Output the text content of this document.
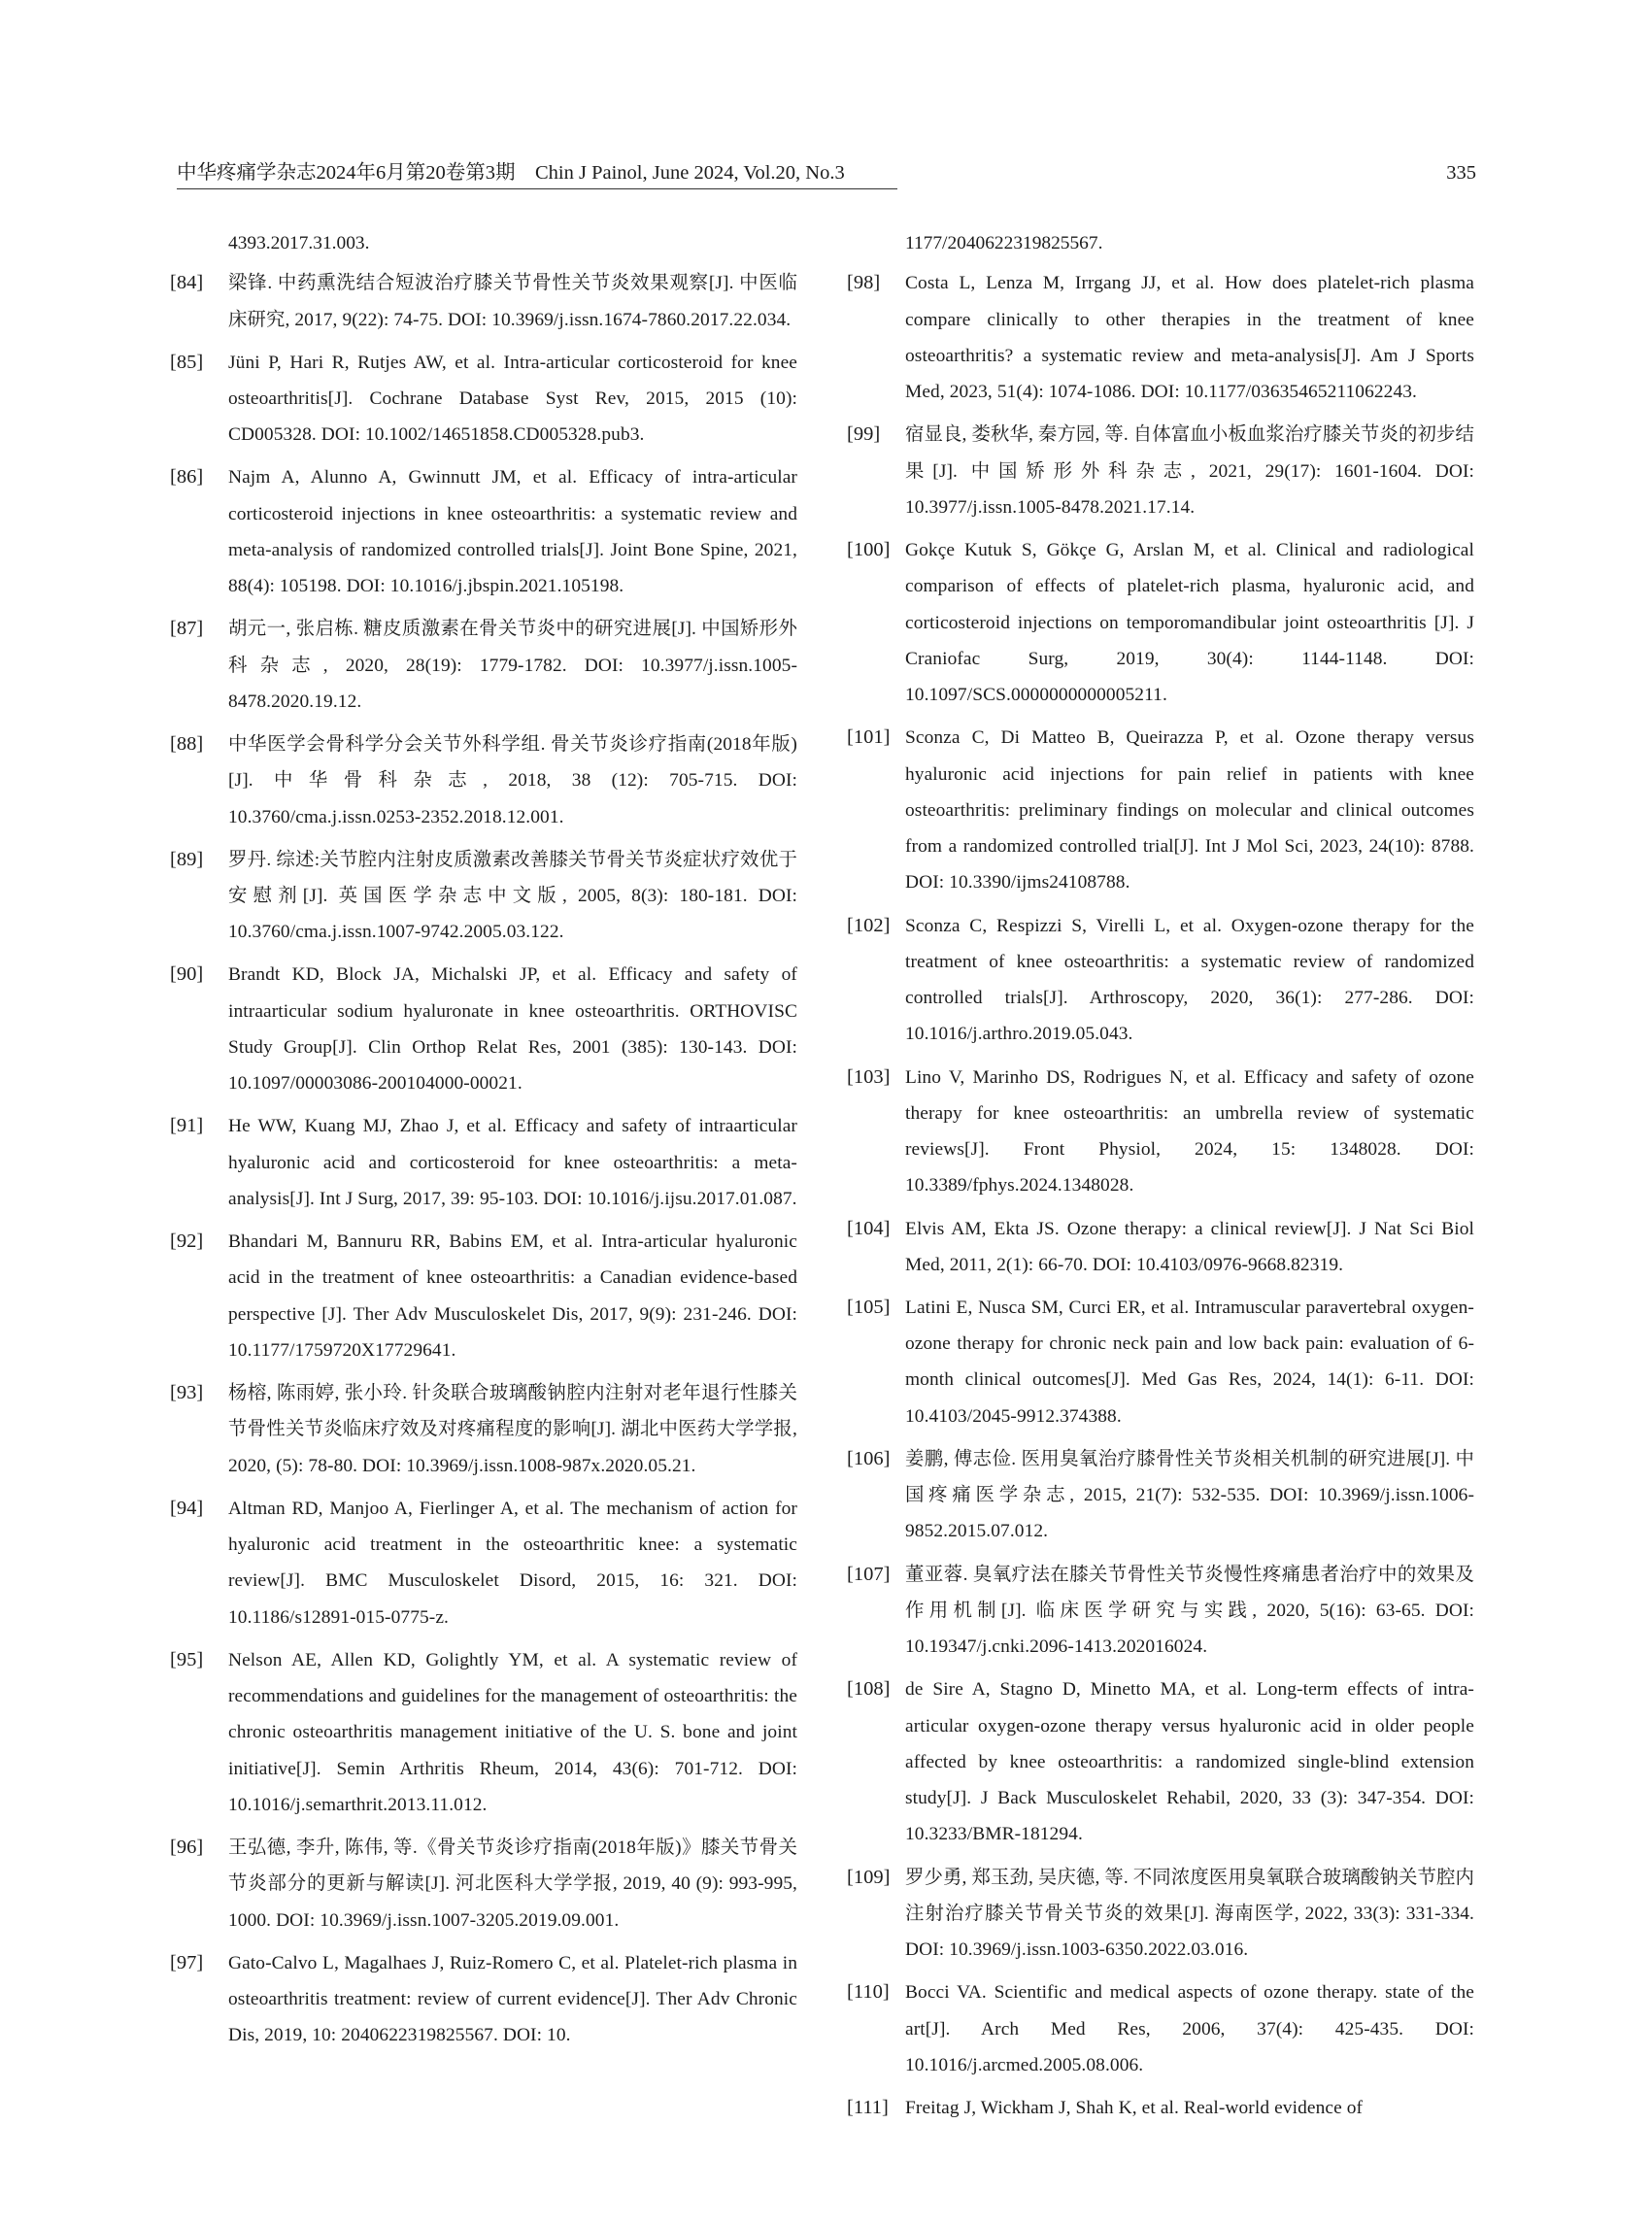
中华疼痛学杂志2024年6月第20卷第3期　Chin J Painol, June 2024, Vol.20, No.3	335
4393.2017.31.003.
[84] 梁锋. 中药熏洗结合短波治疗膝关节骨性关节炎效果观察[J]. 中医临床研究, 2017, 9(22): 74-75. DOI: 10.3969/j.issn.1674-7860.2017.22.034.
[85] Jüni P, Hari R, Rutjes AW, et al. Intra-articular corticosteroid for knee osteoarthritis[J]. Cochrane Database Syst Rev, 2015, 2015 (10): CD005328. DOI: 10.1002/14651858.CD005328.pub3.
[86] Najm A, Alunno A, Gwinnutt JM, et al. Efficacy of intra-articular corticosteroid injections in knee osteoarthritis: a systematic review and meta-analysis of randomized controlled trials[J]. Joint Bone Spine, 2021, 88(4): 105198. DOI: 10.1016/j.jbspin.2021.105198.
[87] 胡元一, 张启栋. 糖皮质激素在骨关节炎中的研究进展[J]. 中国矫形外科杂志, 2020, 28(19): 1779-1782. DOI: 10.3977/j.issn.1005-8478.2020.19.12.
[88] 中华医学会骨科学分会关节外科学组. 骨关节炎诊疗指南(2018年版)[J]. 中华骨科杂志, 2018, 38 (12): 705-715. DOI: 10.3760/cma.j.issn.0253-2352.2018.12.001.
[89] 罗丹. 综述:关节腔内注射皮质激素改善膝关节骨关节炎症状疗效优于安慰剂[J]. 英国医学杂志中文版, 2005, 8(3): 180-181. DOI: 10.3760/cma.j.issn.1007-9742.2005.03.122.
[90] Brandt KD, Block JA, Michalski JP, et al. Efficacy and safety of intraarticular sodium hyaluronate in knee osteoarthritis. ORTHOVISC Study Group[J]. Clin Orthop Relat Res, 2001 (385): 130-143. DOI: 10.1097/00003086-200104000-00021.
[91] He WW, Kuang MJ, Zhao J, et al. Efficacy and safety of intraarticular hyaluronic acid and corticosteroid for knee osteoarthritis: a meta-analysis[J]. Int J Surg, 2017, 39: 95-103. DOI: 10.1016/j.ijsu.2017.01.087.
[92] Bhandari M, Bannuru RR, Babins EM, et al. Intra-articular hyaluronic acid in the treatment of knee osteoarthritis: a Canadian evidence-based perspective [J]. Ther Adv Musculoskelet Dis, 2017, 9(9): 231-246. DOI: 10.1177/1759720X17729641.
[93] 杨榕, 陈雨婷, 张小玲. 针灸联合玻璃酸钠腔内注射对老年退行性膝关节骨性关节炎临床疗效及对疼痛程度的影响[J]. 湖北中医药大学学报, 2020, (5): 78-80. DOI: 10.3969/j.issn.1008-987x.2020.05.21.
[94] Altman RD, Manjoo A, Fierlinger A, et al. The mechanism of action for hyaluronic acid treatment in the osteoarthritic knee: a systematic review[J]. BMC Musculoskelet Disord, 2015, 16: 321. DOI: 10.1186/s12891-015-0775-z.
[95] Nelson AE, Allen KD, Golightly YM, et al. A systematic review of recommendations and guidelines for the management of osteoarthritis: the chronic osteoarthritis management initiative of the U. S. bone and joint initiative[J]. Semin Arthritis Rheum, 2014, 43(6): 701-712. DOI: 10.1016/j.semarthrit.2013.11.012.
[96] 王弘德, 李升, 陈伟, 等.《骨关节炎诊疗指南(2018年版)》膝关节骨关节炎部分的更新与解读[J]. 河北医科大学学报, 2019, 40 (9): 993-995, 1000. DOI: 10.3969/j.issn.1007-3205.2019.09.001.
[97] Gato-Calvo L, Magalhaes J, Ruiz-Romero C, et al. Platelet-rich plasma in osteoarthritis treatment: review of current evidence[J]. Ther Adv Chronic Dis, 2019, 10: 2040622319825567. DOI: 10.
1177/2040622319825567.
[98] Costa L, Lenza M, Irrgang JJ, et al. How does platelet-rich plasma compare clinically to other therapies in the treatment of knee osteoarthritis? a systematic review and meta-analysis[J]. Am J Sports Med, 2023, 51(4): 1074-1086. DOI: 10.1177/03635465211062243.
[99] 宿显良, 娄秋华, 秦方园, 等. 自体富血小板血浆治疗膝关节炎的初步结果[J]. 中国矫形外科杂志, 2021, 29(17): 1601-1604. DOI: 10.3977/j.issn.1005-8478.2021.17.14.
[100] Gokçe Kutuk S, Gökçe G, Arslan M, et al. Clinical and radiological comparison of effects of platelet-rich plasma, hyaluronic acid, and corticosteroid injections on temporomandibular joint osteoarthritis [J]. J Craniofac Surg, 2019, 30(4): 1144-1148. DOI: 10.1097/SCS.0000000000005211.
[101] Sconza C, Di Matteo B, Queirazza P, et al. Ozone therapy versus hyaluronic acid injections for pain relief in patients with knee osteoarthritis: preliminary findings on molecular and clinical outcomes from a randomized controlled trial[J]. Int J Mol Sci, 2023, 24(10): 8788. DOI: 10.3390/ijms24108788.
[102] Sconza C, Respizzi S, Virelli L, et al. Oxygen-ozone therapy for the treatment of knee osteoarthritis: a systematic review of randomized controlled trials[J]. Arthroscopy, 2020, 36(1): 277-286. DOI: 10.1016/j.arthro.2019.05.043.
[103] Lino V, Marinho DS, Rodrigues N, et al. Efficacy and safety of ozone therapy for knee osteoarthritis: an umbrella review of systematic reviews[J]. Front Physiol, 2024, 15: 1348028. DOI: 10.3389/fphys.2024.1348028.
[104] Elvis AM, Ekta JS. Ozone therapy: a clinical review[J]. J Nat Sci Biol Med, 2011, 2(1): 66-70. DOI: 10.4103/0976-9668.82319.
[105] Latini E, Nusca SM, Curci ER, et al. Intramuscular paravertebral oxygen-ozone therapy for chronic neck pain and low back pain: evaluation of 6-month clinical outcomes[J]. Med Gas Res, 2024, 14(1): 6-11. DOI: 10.4103/2045-9912.374388.
[106] 姜鹏, 傅志俭. 医用臭氧治疗膝骨性关节炎相关机制的研究进展[J]. 中国疼痛医学杂志, 2015, 21(7): 532-535. DOI: 10.3969/j.issn.1006-9852.2015.07.012.
[107] 董亚蓉. 臭氧疗法在膝关节骨性关节炎慢性疼痛患者治疗中的效果及作用机制[J]. 临床医学研究与实践, 2020, 5(16): 63-65. DOI: 10.19347/j.cnki.2096-1413.202016024.
[108] de Sire A, Stagno D, Minetto MA, et al. Long-term effects of intra-articular oxygen-ozone therapy versus hyaluronic acid in older people affected by knee osteoarthritis: a randomized single-blind extension study[J]. J Back Musculoskelet Rehabil, 2020, 33 (3): 347-354. DOI: 10.3233/BMR-181294.
[109] 罗少勇, 郑玉劲, 吴庆德, 等. 不同浓度医用臭氧联合玻璃酸钠关节腔内注射治疗膝关节骨关节炎的效果[J]. 海南医学, 2022, 33(3): 331-334. DOI: 10.3969/j.issn.1003-6350.2022.03.016.
[110] Bocci VA. Scientific and medical aspects of ozone therapy. state of the art[J]. Arch Med Res, 2006, 37(4): 425-435. DOI: 10.1016/j.arcmed.2005.08.006.
[111] Freitag J, Wickham J, Shah K, et al. Real-world evidence of
